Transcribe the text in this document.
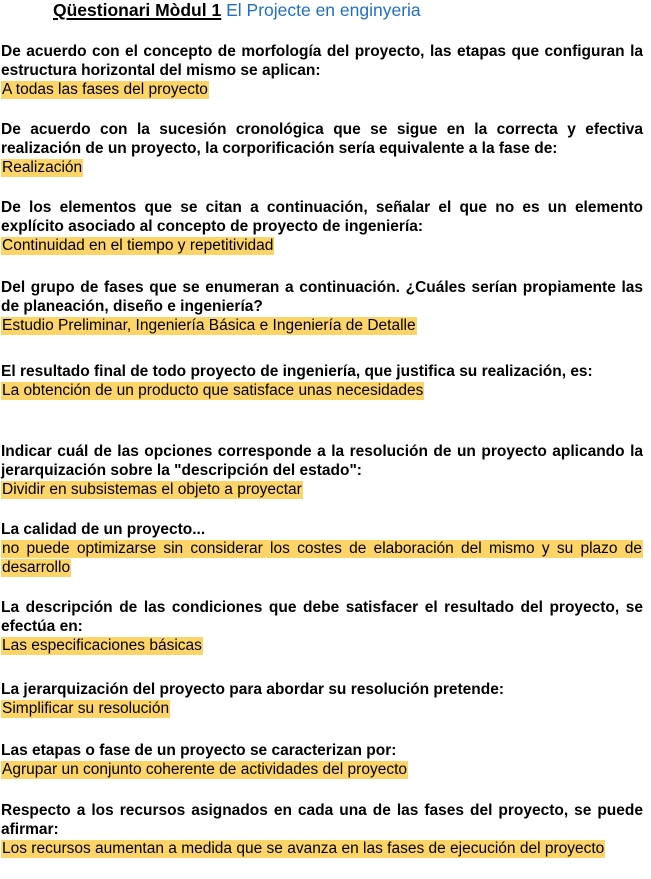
Qüestionari Mòdul 1 El Projecte en enginyeria

De acuerdo con el concepto de morfología del proyecto, las etapas que configuran la estructura horizontal del mismo se aplican:

A todas las fases del proyecto

De acuerdo con la sucesión cronológica que se sigue en la correcta y efectiva realización de un proyecto, la corporificación sería equivalente a la fase de:

Realización

De los elementos que se citan a continuación, señalar el que no es un elemento explícito asociado al concepto de proyecto de ingeniería:

Continuidad en el tiempo y repetitividad

Del grupo de fases que se enumeran a continuación. ¿Cuáles serían propiamente las de planeación, diseño e ingeniería?

Estudio Preliminar, Ingeniería Básica e Ingeniería de Detalle

El resultado final de todo proyecto de ingeniería, que justifica su realización, es:

La obtención de un producto que satisface unas necesidades

Indicar cuál de las opciones corresponde a la resolución de un proyecto aplicando la jerarquización sobre la "descripción del estado":

Dividir en subsistemas el objeto a proyectar

La calidad de un proyecto...

no puede optimizarse sin considerar los costes de elaboración del mismo y su plazo de desarrollo

La descripción de las condiciones que debe satisfacer el resultado del proyecto, se efectúa en:

Las especificaciones básicas

La jerarquización del proyecto para abordar su resolución pretende:

Simplificar su resolución

Las etapas o fase de un proyecto se caracterizan por:

Agrupar un conjunto coherente de actividades del proyecto

Respecto a los recursos asignados en cada una de las fases del proyecto, se puede afirmar:

Los recursos aumentan a medida que se avanza en las fases de ejecución del proyecto
